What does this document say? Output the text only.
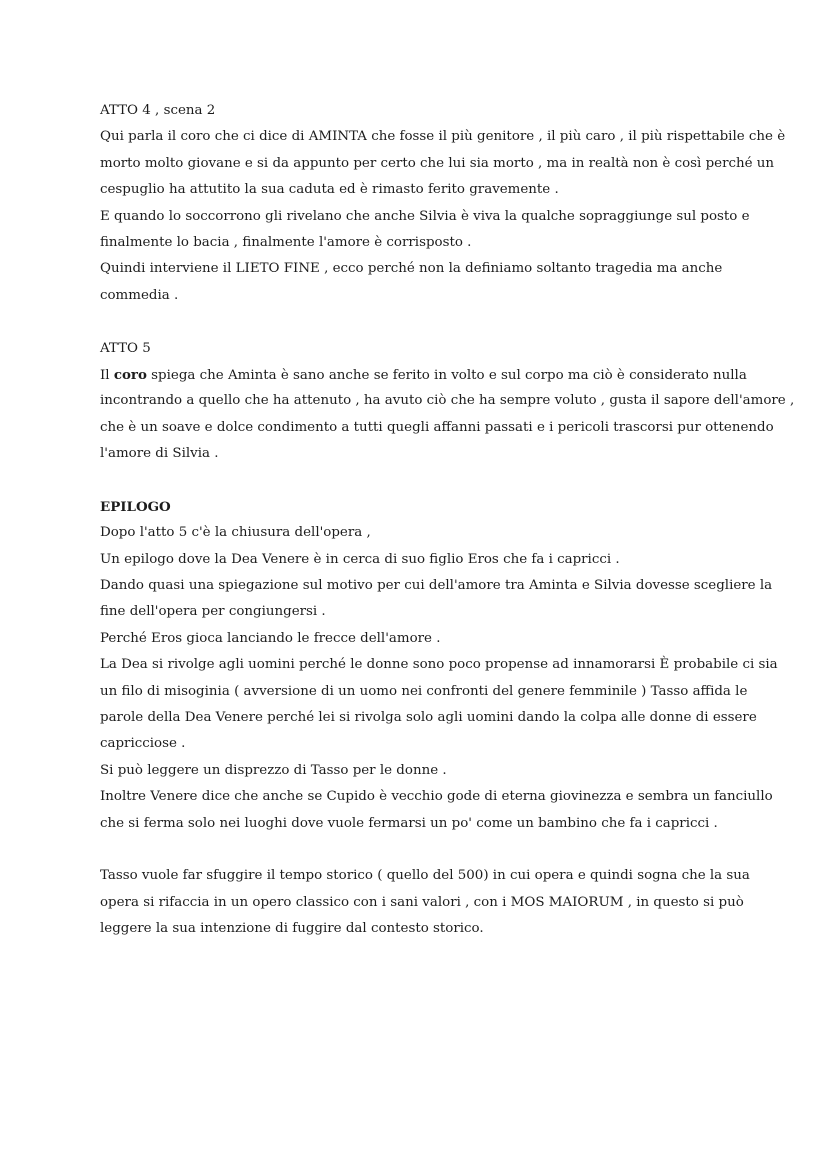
ATTO 4 , scena 2
Qui parla il coro che ci dice di AMINTA che fosse il più genitore , il più caro , il più rispettabile che è
morto molto giovane e si da appunto per certo che lui sia morto , ma in realtà non è così perché un
cespuglio ha attutito la sua caduta ed è rimasto ferito gravemente .
E quando lo soccorrono gli rivelano che anche Silvia è viva la qualche sopraggiunge sul posto e
finalmente lo bacia , finalmente l'amore è corrisposto .
Quindi interviene il LIETO FINE , ecco perché non la definiamo soltanto tragedia ma anche
commedia .
ATTO 5
Il coro spiega che Aminta è sano anche se ferito in volto e sul corpo ma ciò è considerato nulla
incontrando a quello che ha attenuto , ha avuto ciò che ha sempre voluto , gusta il sapore dell'amore ,
che è un soave e dolce condimento a tutti quegli affanni passati e i pericoli trascorsi pur ottenendo
l'amore di Silvia .
EPILOGO
Dopo l'atto 5 c'è la chiusura dell'opera ,
Un epilogo dove la Dea Venere è in cerca di suo figlio Eros che fa i capricci .
Dando quasi una spiegazione sul motivo per cui dell'amore tra Aminta e Silvia dovesse scegliere la
fine dell'opera per congiungersi .
Perché Eros gioca lanciando le frecce dell'amore .
La Dea si rivolge agli uomini perché le donne sono poco propense ad innamorarsi È probabile ci sia
un filo di misoginia ( avversione di un uomo nei confronti del genere femminile ) Tasso affida le
parole della Dea Venere perché lei si rivolga solo agli uomini dando la colpa alle donne di essere
capricciose .
Si può leggere un disprezzo di Tasso per le donne .
Inoltre Venere dice che anche se Cupido è vecchio gode di eterna giovinezza e sembra un fanciullo
che si ferma solo nei luoghi dove vuole fermarsi un po' come un bambino che fa i capricci .
Tasso vuole far sfuggire il tempo storico ( quello del 500) in cui opera e quindi sogna che la sua
opera si rifaccia in un opero classico con i sani valori , con i MOS MAIORUM , in questo si può
leggere la sua intenzione di fuggire dal contesto storico.
